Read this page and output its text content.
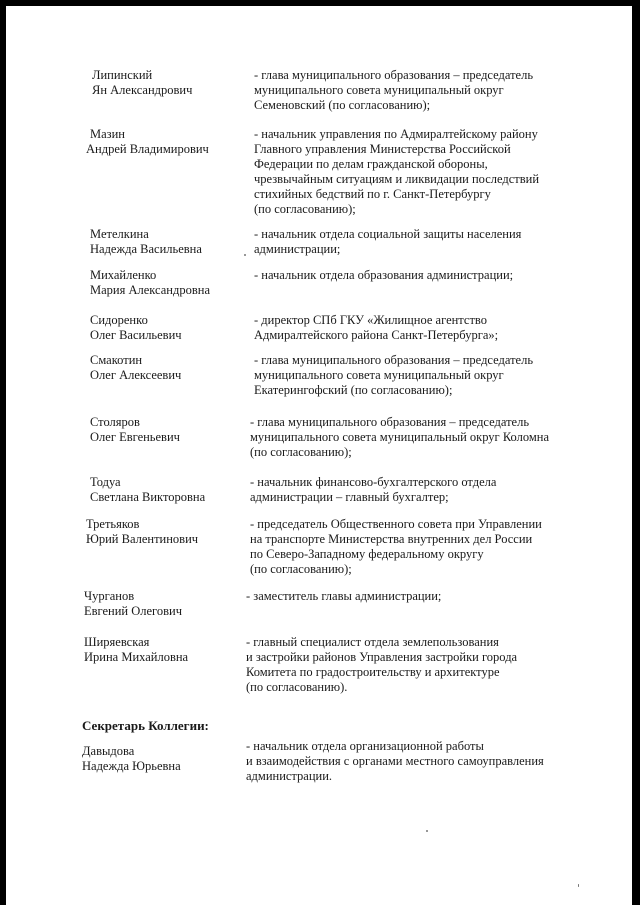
Липинский
Ян Александрович
- глава муниципального образования – председатель
муниципального совета муниципальный округ
Семеновский (по согласованию);
Мазин
Андрей Владимирович
- начальник управления по Адмиралтейскому району
Главного управления Министерства Российской
Федерации по делам гражданской обороны,
чрезвычайным ситуациям и ликвидации последствий
стихийных бедствий по г. Санкт-Петербургу
(по согласованию);
Метелкина
Надежда Васильевна
- начальник отдела социальной защиты населения
администрации;
Михайленко
Мария Александровна
- начальник отдела образования администрации;
Сидоренко
Олег Васильевич
- директор СПб ГКУ «Жилищное агентство
Адмиралтейского района Санкт-Петербурга»;
Смакотин
Олег Алексеевич
- глава муниципального образования – председатель
муниципального совета муниципальный округ
Екатерингофский (по согласованию);
Столяров
Олег Евгеньевич
- глава муниципального образования – председатель
муниципального совета муниципальный округ Коломна
(по согласованию);
Тодуа
Светлана Викторовна
- начальник финансово-бухгалтерского отдела
администрации – главный бухгалтер;
Третьяков
Юрий Валентинович
- председатель Общественного совета при Управлении
на транспорте Министерства внутренних дел России
по Северо-Западному федеральному округу
(по согласованию);
Чурганов
Евгений Олегович
- заместитель главы администрации;
Ширяевская
Ирина Михайловна
- главный специалист отдела землепользования
и застройки районов Управления застройки города
Комитета по градостроительству и архитектуре
(по согласованию).
Секретарь Коллегии:
Давыдова
Надежда Юрьевна
- начальник отдела организационной работы
и взаимодействия с органами местного самоуправления
администрации.
